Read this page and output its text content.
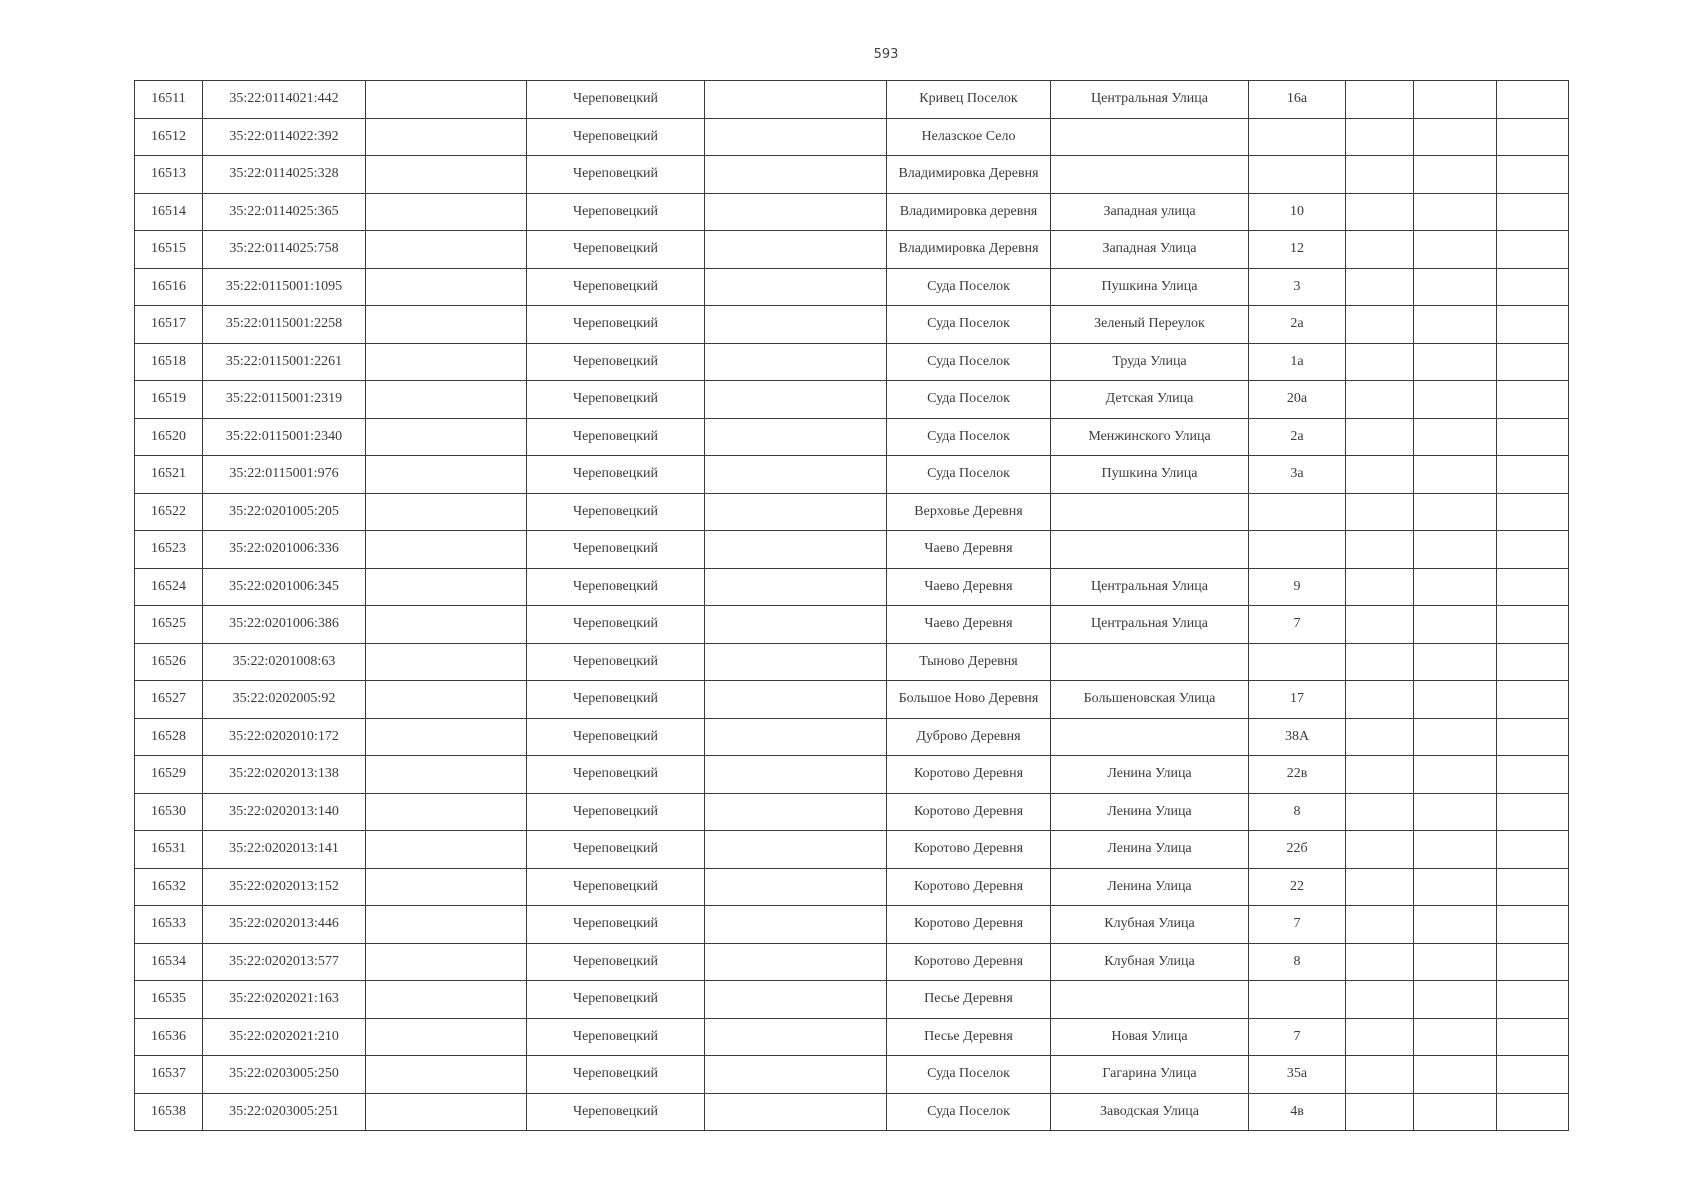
593
16511	35:22:0114021:442		Череповецкий		Кривец Поселок	Центральная Улица	16а			
16512	35:22:0114022:392		Череповецкий		Нелазское Село					
16513	35:22:0114025:328		Череповецкий		Владимировка Деревня					
16514	35:22:0114025:365		Череповецкий		Владимировка деревня	Западная улица	10			
16515	35:22:0114025:758		Череповецкий		Владимировка Деревня	Западная Улица	12			
16516	35:22:0115001:1095		Череповецкий		Суда Поселок	Пушкина Улица	3			
16517	35:22:0115001:2258		Череповецкий		Суда Поселок	Зеленый Переулок	2а			
16518	35:22:0115001:2261		Череповецкий		Суда Поселок	Труда Улица	1а			
16519	35:22:0115001:2319		Череповецкий		Суда Поселок	Детская Улица	20а			
16520	35:22:0115001:2340		Череповецкий		Суда Поселок	Менжинского Улица	2а			
16521	35:22:0115001:976		Череповецкий		Суда Поселок	Пушкина Улица	3а			
16522	35:22:0201005:205		Череповецкий		Верховье Деревня					
16523	35:22:0201006:336		Череповецкий		Чаево Деревня					
16524	35:22:0201006:345		Череповецкий		Чаево Деревня	Центральная Улица	9			
16525	35:22:0201006:386		Череповецкий		Чаево Деревня	Центральная Улица	7			
16526	35:22:0201008:63		Череповецкий		Тыново Деревня					
16527	35:22:0202005:92		Череповецкий		Большое Ново Деревня	Большеновская Улица	17			
16528	35:22:0202010:172		Череповецкий		Дуброво Деревня		38А			
16529	35:22:0202013:138		Череповецкий		Коротово Деревня	Ленина Улица	22в			
16530	35:22:0202013:140		Череповецкий		Коротово Деревня	Ленина Улица	8			
16531	35:22:0202013:141		Череповецкий		Коротово Деревня	Ленина Улица	22б			
16532	35:22:0202013:152		Череповецкий		Коротово Деревня	Ленина Улица	22			
16533	35:22:0202013:446		Череповецкий		Коротово Деревня	Клубная Улица	7			
16534	35:22:0202013:577		Череповецкий		Коротово Деревня	Клубная Улица	8			
16535	35:22:0202021:163		Череповецкий		Песье Деревня					
16536	35:22:0202021:210		Череповецкий		Песье Деревня	Новая Улица	7			
16537	35:22:0203005:250		Череповецкий		Суда Поселок	Гагарина Улица	35а			
16538	35:22:0203005:251		Череповецкий		Суда Поселок	Заводская Улица	4в			
